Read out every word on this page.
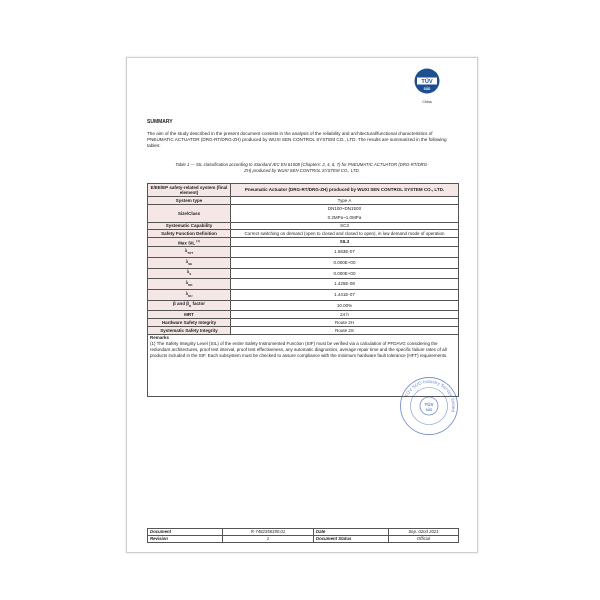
TÜV
SÜD
China
SUMMARY
The aim of the study described in the present document consists in the analysis of the reliability and architectural/functional characteristics of PNEUMATIC ACTUATOR (DRG-RT/DRG-ZH) produced by WUXI SEN CONTROL SYSTEM CO., LTD. The results are summarized in the following tables:
Table 1 — SIL classification according to Standard IEC EN 61508 (Chapters: 2, 4, 6, 7) for PNEUMATIC ACTUATOR (DRG-RT/DRG-ZH) produced by WUXI SEN CONTROL SYSTEM CO., LTD.
E/EE/EP safety-related system (final element)	Pneumatic Actuator (DRG-RT/DRG-ZH) produced by WUXI SEN CONTROL SYSTEM CO., LTD.
System type	Type A
Size/Class	DN100~DN1500
0.2MPa~1.0MPa

Systematic Capability	SC3
Safety Function Definition	Correct switching on demand (open to closed and closed to open), in low demand mode of operation
Max SIL $^{(1)}$	SIL3
$\lambda_{TOT}$	1.583E-07
$\lambda_{SE}$	0.000E+00
$\lambda_S$	0.000E+00
$\lambda_{DD}$	1.425E-08
$\lambda_{DU}$	1.441E-07
β and $\beta_D$ factor	10.00%
MRT	24 h
Hardware Safety Integrity	Route 2H
Systematic Safety Integrity	Route 2S

Remarks
(1) The Safety Integrity Level (SIL) of the entire Safety Instrumented Function (SIF) must be verified via a calculation of PFDAVG considering the redundant architectures, proof test interval, proof test effectiveness, any automatic diagnostics, average repair time and the specific failure rates of all products included in the SIF. Each subsystem must be checked to assure compliance with the minimum hardware fault tolerance (HFT) requirements.	
TÜV SÜD Industry Service limited
TÜV
SÜD
Document	R-7482356390.01	Date	Sep. 02nd 2021
Revision	1	Document Status	Official
